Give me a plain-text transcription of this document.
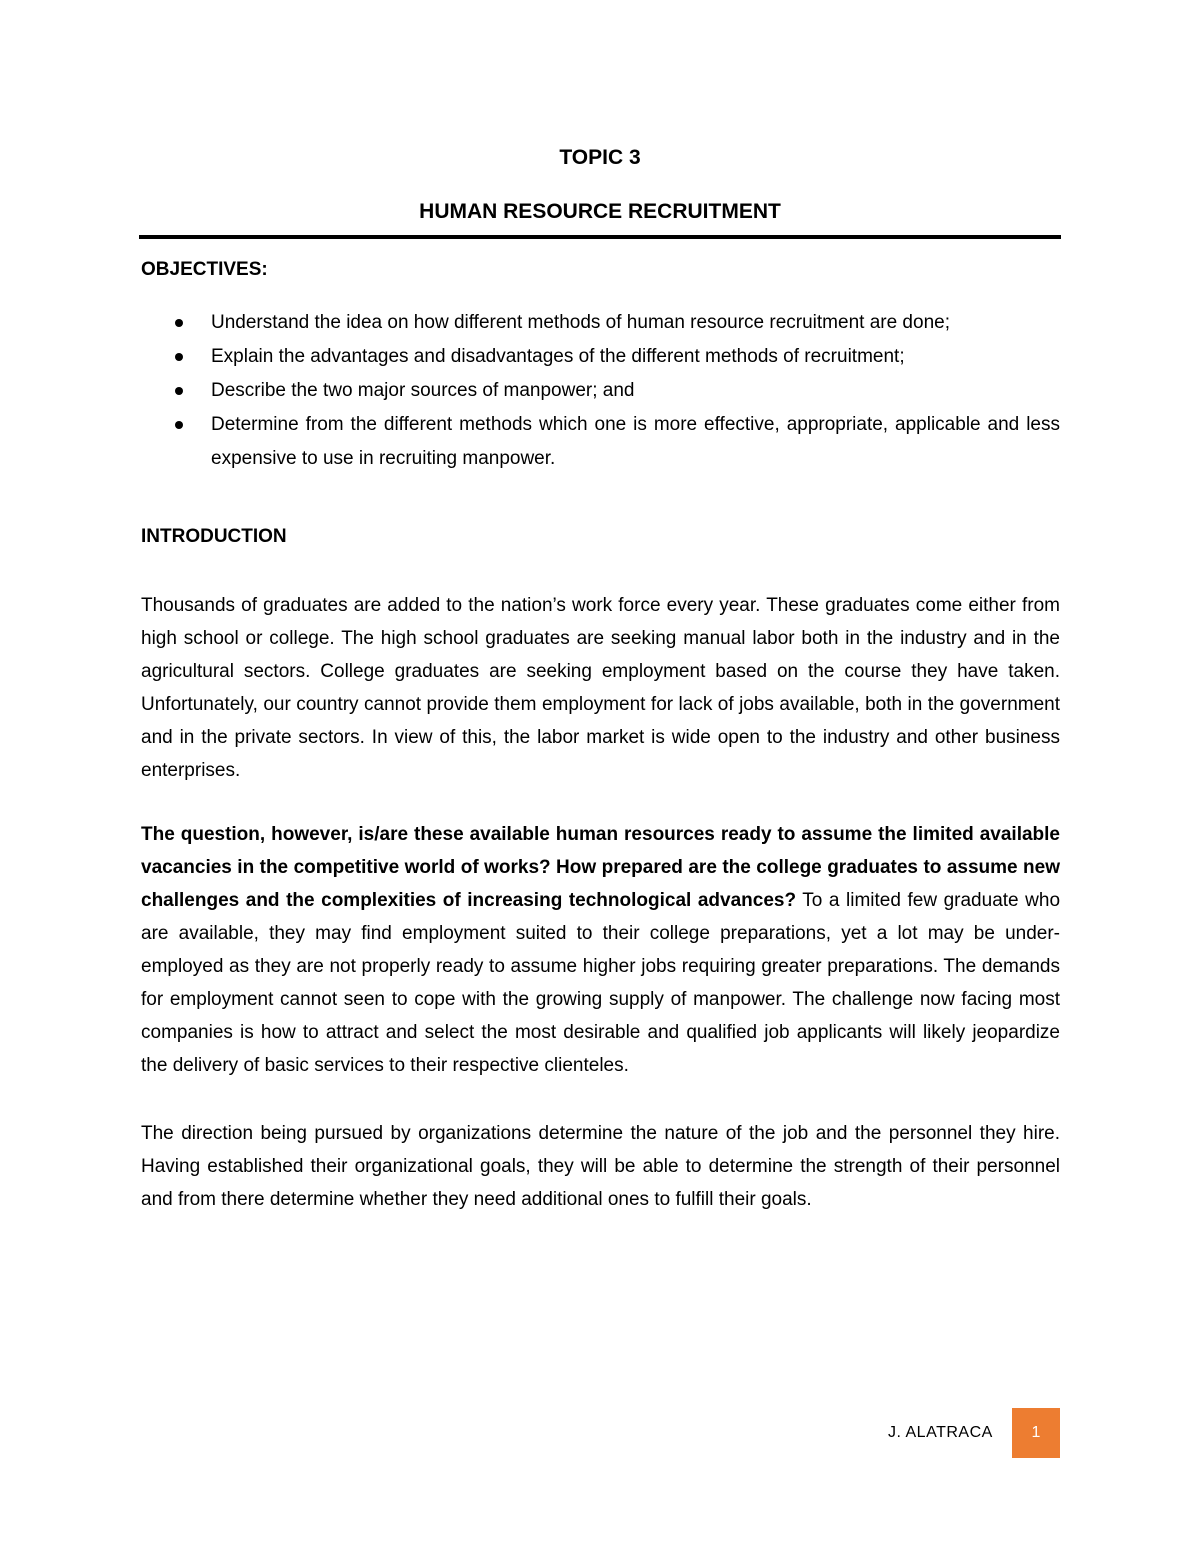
TOPIC 3
HUMAN RESOURCE RECRUITMENT
OBJECTIVES:
Understand the idea on how different methods of human resource recruitment are done;
Explain the advantages and disadvantages of the different methods of recruitment;
Describe the two major sources of manpower; and
Determine from the different methods which one is more effective, appropriate, applicable and less expensive to use in recruiting manpower.
INTRODUCTION

Thousands of graduates are added to the nation’s work force every year. These graduates come either from high school or college. The high school graduates are seeking manual labor both in the industry and in the agricultural sectors. College graduates are seeking employment based on the course they have taken. Unfortunately, our country cannot provide them employment for lack of jobs available, both in the government and in the private sectors. In view of this, the labor market is wide open to the industry and other business enterprises.

The question, however, is/are these available human resources ready to assume the limited available vacancies in the competitive world of works? How prepared are the college graduates to assume new challenges and the complexities of increasing technological advances? To a limited few graduate who are available, they may find employment suited to their college preparations, yet a lot may be under-employed as they are not properly ready to assume higher jobs requiring greater preparations. The demands for employment cannot seen to cope with the growing supply of manpower. The challenge now facing most companies is how to attract and select the most desirable and qualified job applicants will likely jeopardize the delivery of basic services to their respective clienteles.

The direction being pursued by organizations determine the nature of the job and the personnel they hire. Having established their organizational goals, they will be able to determine the strength of their personnel and from there determine whether they need additional ones to fulfill their goals.

J. ALATRACA	1
